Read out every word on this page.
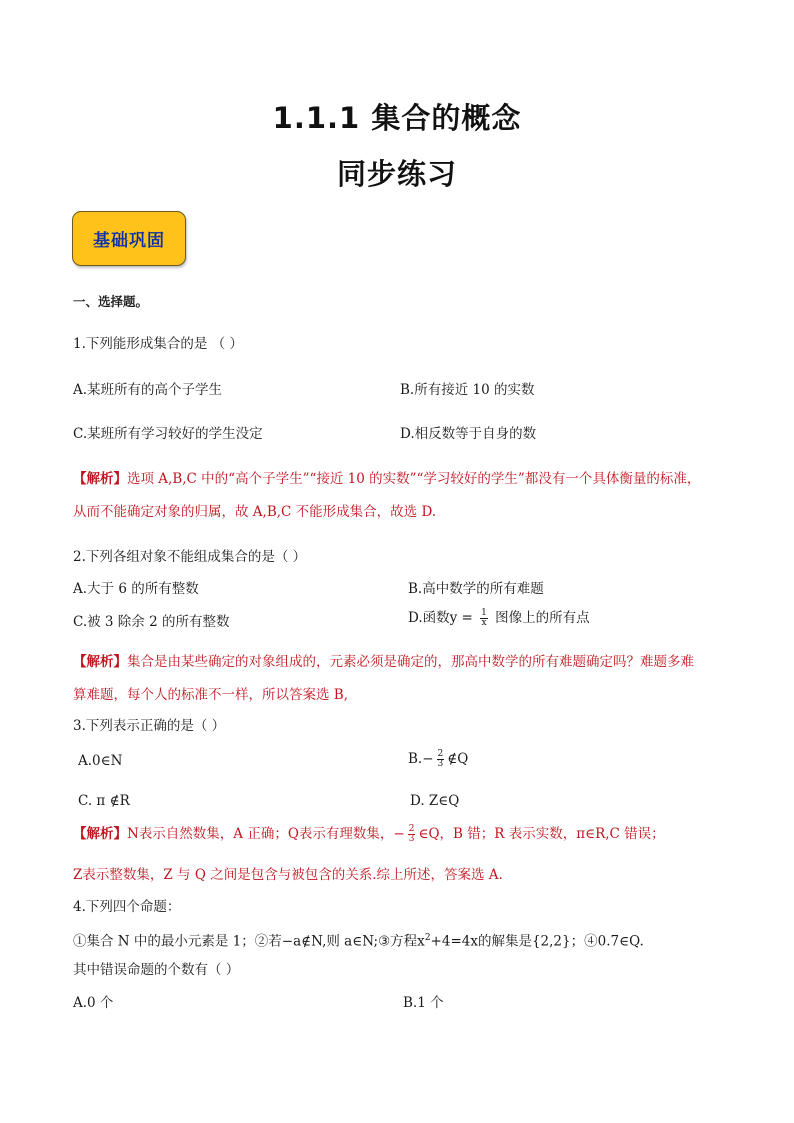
1.1.1 集合的概念
同步练习
基础巩固
一、选择题。
1.下列能形成集合的是 （ ）
A.某班所有的高个子学生	B.所有接近 10 的实数
C.某班所有学习较好的学生没定	D.相反数等于自身的数
【解析】选项 A,B,C 中的“高个子学生”“接近 10 的实数”“学习较好的学生”都没有一个具体衡量的标准，
从而不能确定对象的归属，故 A,B,C 不能形成集合，故选 D.
2.下列各组对象不能组成集合的是（ ）
A.大于 6 的所有整数	B.高中数学的所有难题
C.被 3 除余 2 的所有整数	D.函数$y = \frac{1}{x}$ 图像上的所有点
【解析】集合是由某些确定的对象组成的，元素必须是确定的，那高中数学的所有难题确定吗？难题多难
算难题，每个人的标准不一样，所以答案选 B,
3.下列表示正确的是（ ）
A.0∈N	$B.- \frac{2}{3}$ ∉Q
C. π ∉R	D. Z∈Q
【解析】N表示自然数集，A 正确；Q表示有理数集，− $\frac{2}{3}$ ∈Q，B 错；R 表示实数，π∈R,C 错误；
Z表示整数集，Z 与 Q 之间是包含与被包含的关系.综上所述，答案选 A.
4.下列四个命题：
①集合 N 中的最小元素是 1；②若−a∉N,则 a∈N;③方程$x^2+4=4x$的解集是{2,2}；④0.7∈Q.
其中错误命题的个数有（ ）
A.0 个	B.1 个
